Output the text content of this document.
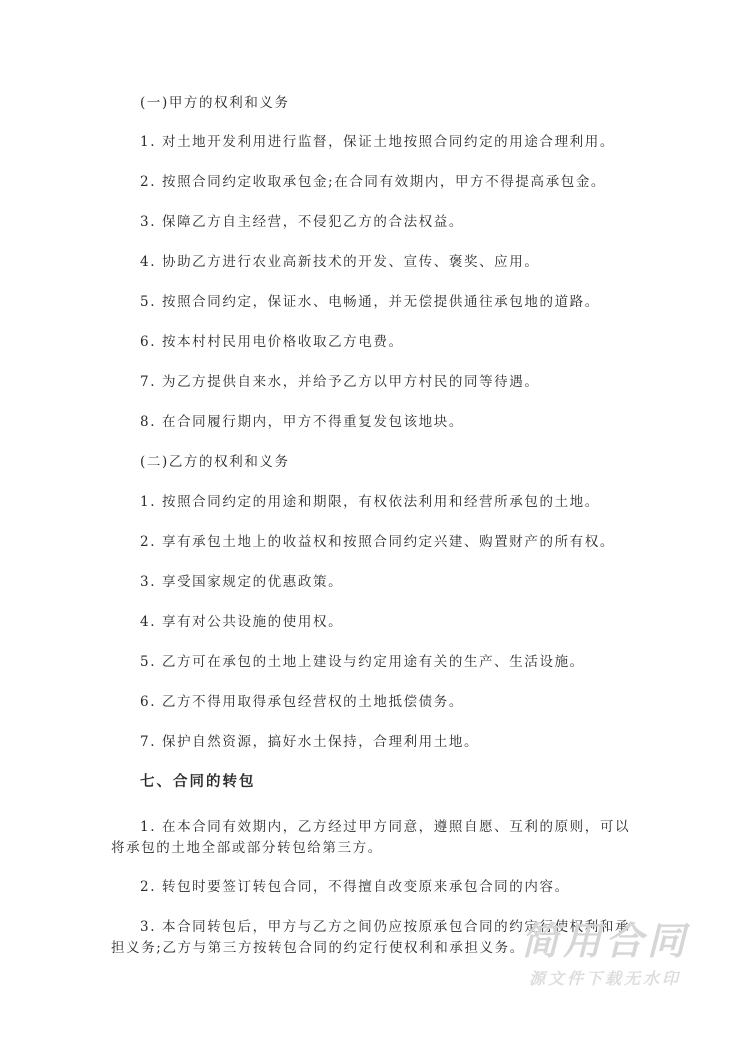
(一)甲方的权利和义务
1. 对土地开发利用进行监督，保证土地按照合同约定的用途合理利用。
2. 按照合同约定收取承包金;在合同有效期内，甲方不得提高承包金。
3. 保障乙方自主经营，不侵犯乙方的合法权益。
4. 协助乙方进行农业高新技术的开发、宣传、褒奖、应用。
5. 按照合同约定，保证水、电畅通，并无偿提供通往承包地的道路。
6. 按本村村民用电价格收取乙方电费。
7. 为乙方提供自来水，并给予乙方以甲方村民的同等待遇。
8. 在合同履行期内，甲方不得重复发包该地块。
(二)乙方的权利和义务
1. 按照合同约定的用途和期限，有权依法利用和经营所承包的土地。
2. 享有承包土地上的收益权和按照合同约定兴建、购置财产的所有权。
3. 享受国家规定的优惠政策。
4. 享有对公共设施的使用权。
5. 乙方可在承包的土地上建设与约定用途有关的生产、生活设施。
6. 乙方不得用取得承包经营权的土地抵偿债务。
7. 保护自然资源，搞好水土保持，合理利用土地。
七、合同的转包
1. 在本合同有效期内，乙方经过甲方同意，遵照自愿、互利的原则，可以将承包的土地全部或部分转包给第三方。
2. 转包时要签订转包合同，不得擅自改变原来承包合同的内容。
3. 本合同转包后，甲方与乙方之间仍应按原承包合同的约定行使权利和承担义务;乙方与第三方按转包合同的约定行使权利和承担义务。
简用合同
源文件下载无水印
